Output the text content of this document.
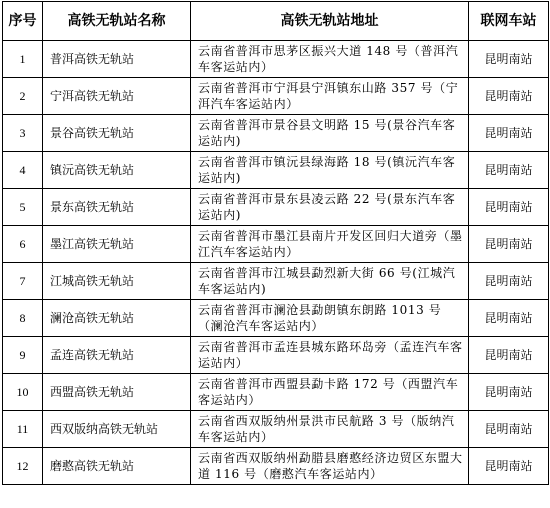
序号	高铁无轨站名称	高铁无轨站地址	联网车站
1	普洱高铁无轨站	云南省普洱市思茅区振兴大道 148 号（普洱汽车客运站内）	昆明南站
2	宁洱高铁无轨站	云南省普洱市宁洱县宁洱镇东山路 357 号（宁洱汽车客运站内）	昆明南站
3	景谷高铁无轨站	云南省普洱市景谷县文明路 15 号(景谷汽车客运站内)	昆明南站
4	镇沅高铁无轨站	云南省普洱市镇沅县绿海路 18 号(镇沅汽车客运站内)	昆明南站
5	景东高铁无轨站	云南省普洱市景东县凌云路 22 号(景东汽车客运站内)	昆明南站
6	墨江高铁无轨站	云南省普洱市墨江县南片开发区回归大道旁（墨江汽车客运站内）	昆明南站
7	江城高铁无轨站	云南省普洱市江城县勐烈新大街 66 号(江城汽车客运站内)	昆明南站
8	澜沧高铁无轨站	云南省普洱市澜沧县勐朗镇东朗路 1013 号（澜沧汽车客运站内）	昆明南站
9	孟连高铁无轨站	云南省普洱市孟连县城东路环岛旁（孟连汽车客运站内）	昆明南站
10	西盟高铁无轨站	云南省普洱市西盟县勐卡路 172 号（西盟汽车客运站内）	昆明南站
11	西双版纳高铁无轨站	云南省西双版纳州景洪市民航路 3 号（版纳汽车客运站内）	昆明南站
12	磨憨高铁无轨站	云南省西双版纳州勐腊县磨憨经济边贸区东盟大道 116 号（磨憨汽车客运站内）	昆明南站
